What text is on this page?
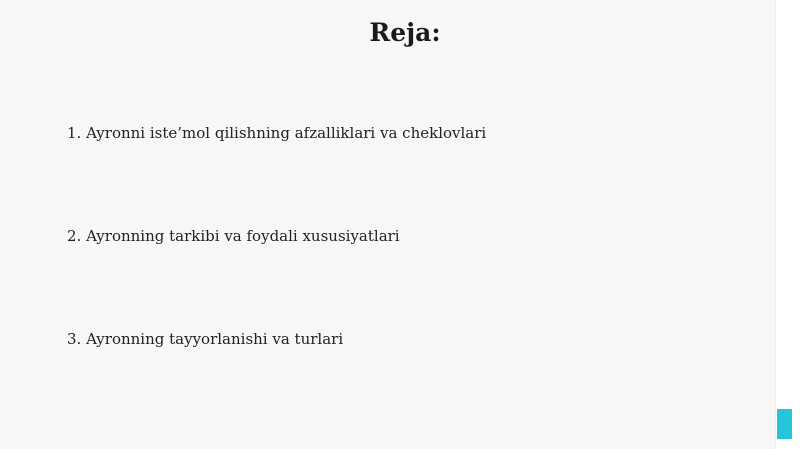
Reja:

1. Ayronni iste’mol qilishning afzalliklari va cheklovlari

2. Ayronning tarkibi va foydali xususiyatlari

3. Ayronning tayyorlanishi va turlari
